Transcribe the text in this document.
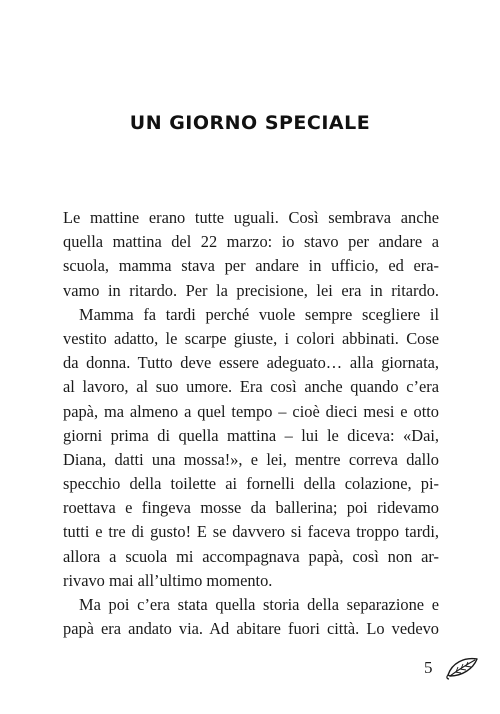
UN GIORNO SPECIALE
Le mattine erano tutte uguali. Così sembrava anche
quella mattina del 22 marzo: io stavo per andare a
scuola, mamma stava per andare in ufficio, ed era-
vamo in ritardo. Per la precisione, lei era in ritardo.
Mamma fa tardi perché vuole sempre scegliere il
vestito adatto, le scarpe giuste, i colori abbinati. Cose
da donna. Tutto deve essere adeguato… alla giornata,
al lavoro, al suo umore. Era così anche quando c’era
papà, ma almeno a quel tempo – cioè dieci mesi e otto
giorni prima di quella mattina – lui le diceva: «Dai,
Diana, datti una mossa!», e lei, mentre correva dallo
specchio della toilette ai fornelli della colazione, pi-
roettava e fingeva mosse da ballerina; poi ridevamo
tutti e tre di gusto! E se davvero si faceva troppo tardi,
allora a scuola mi accompagnava papà, così non ar-
rivavo mai all’ultimo momento.
Ma poi c’era stata quella storia della separazione e
papà era andato via. Ad abitare fuori città. Lo vedevo
5
